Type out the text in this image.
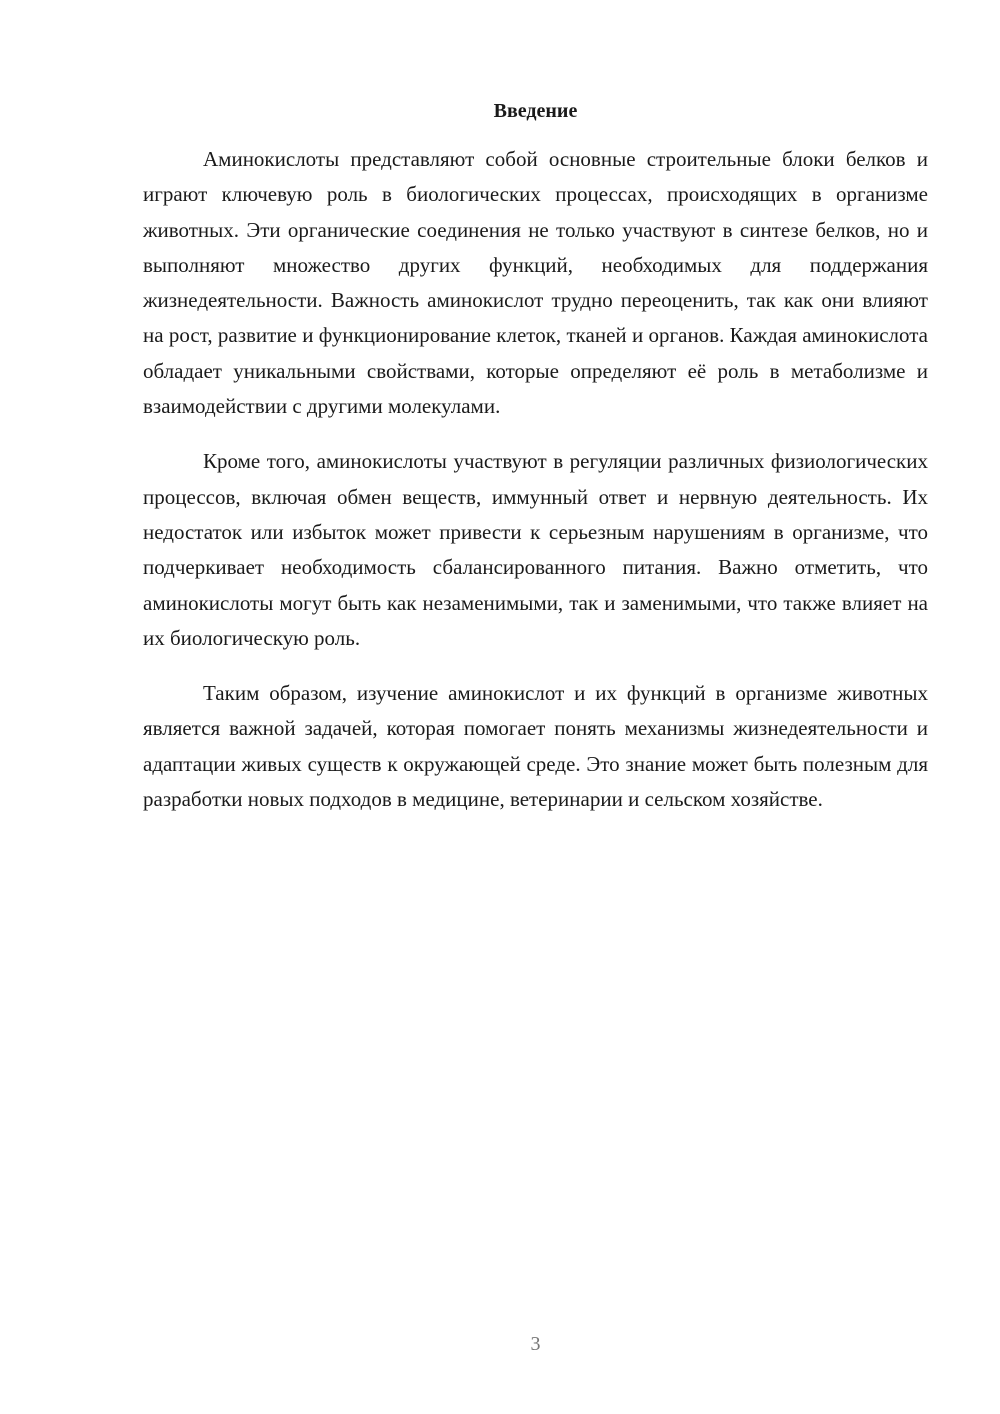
Введение

Аминокислоты представляют собой основные строительные блоки белков и играют ключевую роль в биологических процессах, происходящих в организме животных. Эти органические соединения не только участвуют в синтезе белков, но и выполняют множество других функций, необходимых для поддержания жизнедеятельности. Важность аминокислот трудно переоценить, так как они влияют на рост, развитие и функционирование клеток, тканей и органов. Каждая аминокислота обладает уникальными свойствами, которые определяют её роль в метаболизме и взаимодействии с другими молекулами.

Кроме того, аминокислоты участвуют в регуляции различных физиологических процессов, включая обмен веществ, иммунный ответ и нервную деятельность. Их недостаток или избыток может привести к серьезным нарушениям в организме, что подчеркивает необходимость сбалансированного питания. Важно отметить, что аминокислоты могут быть как незаменимыми, так и заменимыми, что также влияет на их биологическую роль.

Таким образом, изучение аминокислот и их функций в организме животных является важной задачей, которая помогает понять механизмы жизнедеятельности и адаптации живых существ к окружающей среде. Это знание может быть полезным для разработки новых подходов в медицине, ветеринарии и сельском хозяйстве.

3
